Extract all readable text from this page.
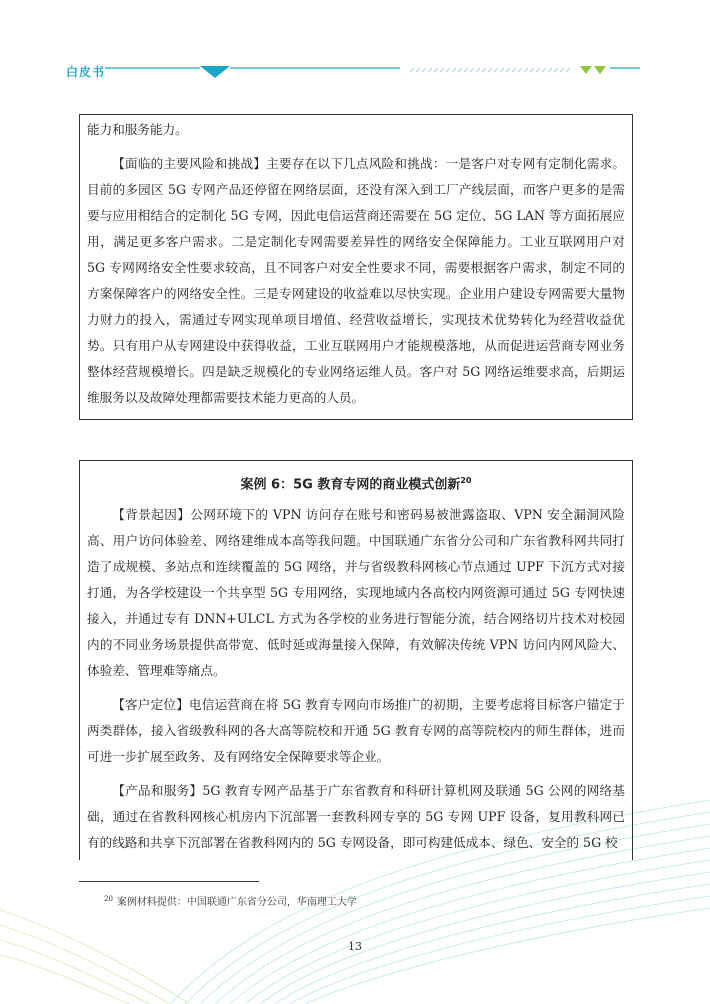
白皮书

能力和服务能力。

【面临的主要风险和挑战】主要存在以下几点风险和挑战：一是客户对专网有定制化需求。目前的多园区 5G 专网产品还停留在网络层面，还没有深入到工厂产线层面，而客户更多的是需要与应用相结合的定制化 5G 专网，因此电信运营商还需要在 5G 定位、5G LAN 等方面拓展应用，满足更多客户需求。二是定制化专网需要差异性的网络安全保障能力。工业互联网用户对 5G 专网网络安全性要求较高，且不同客户对安全性要求不同，需要根据客户需求，制定不同的方案保障客户的网络安全性。三是专网建设的收益难以尽快实现。企业用户建设专网需要大量物力财力的投入，需通过专网实现单项目增值、经营收益增长，实现技术优势转化为经营收益优势。只有用户从专网建设中获得收益，工业互联网用户才能规模落地，从而促进运营商专网业务整体经营规模增长。四是缺乏规模化的专业网络运维人员。客户对 5G 网络运维要求高，后期运维服务以及故障处理都需要技术能力更高的人员。

案例 6：5G 教育专网的商业模式创新$^{20}$

【背景起因】公网环境下的 VPN 访问存在账号和密码易被泄露盗取、VPN 安全漏洞风险高、用户访问体验差、网络建维成本高等我问题。中国联通广东省分公司和广东省教科网共同打造了成规模、多站点和连续覆盖的 5G 网络，并与省级教科网核心节点通过 UPF 下沉方式对接打通，为各学校建设一个共享型 5G 专用网络，实现地域内各高校内网资源可通过 5G 专网快速接入，并通过专有 DNN+ULCL 方式为各学校的业务进行智能分流，结合网络切片技术对校园内的不同业务场景提供高带宽、低时延或海量接入保障，有效解决传统 VPN 访问内网风险大、体验差、管理难等痛点。

【客户定位】电信运营商在将 5G 教育专网向市场推广的初期，主要考虑将目标客户锚定于两类群体，接入省级教科网的各大高等院校和开通 5G 教育专网的高等院校内的师生群体，进而可进一步扩展至政务、及有网络安全保障要求等企业。

【产品和服务】5G 教育专网产品基于广东省教育和科研计算机网及联通 5G 公网的网络基础，通过在省教科网核心机房内下沉部署一套教科网专享的 5G 专网 UPF 设备，复用教科网已有的线路和共享下沉部署在省教科网内的 5G 专网设备，即可构建低成本、绿色、安全的 5G 校

$^{20}$ 案例材料提供：中国联通广东省分公司，华南理工大学
13
